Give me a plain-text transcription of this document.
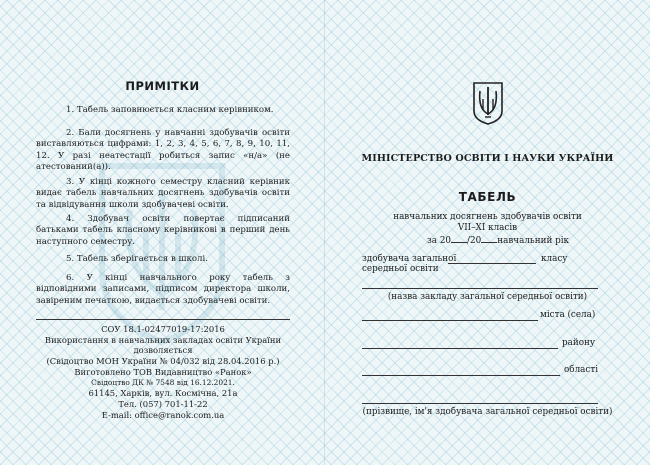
ПРИМІТКИ

1. Табель заповнюється класним керівником.

2. Бали досягнень у навчанні здобувачів освіти виставляються цифрами: 1, 2, 3, 4, 5, 6, 7, 8, 9, 10, 11, 12. У разі неатестації робиться запис «н/а» (не атестований(а)).

3. У кінці кожного семестру класний керівник видає табель навчальних досягнень здобувачів освіти та відвідування школи здобувачеві освіти.

4. Здобувач освіти повертає підписаний батьками табель класному керівникові в перший день наступного семестру.

5. Табель зберігається в школі.

6. У кінці навчального року табель з відповідними записами, підписом директора школи, завіреним печаткою, видається здобувачеві освіти.

СОУ 18.1-02477019-17:2016
Використання в навчальних закладах освіти України
дозволяється
(Свідоцтво МОН України № 04/032 від 28.04.2016 р.)
Виготовлено ТОВ Видавництво «Ранок»
Свідоцтво ДК № 7548 від 16.12.2021.
61145, Харків, вул. Космічна, 21а
Тел. (057) 701-11-22
E-mail: office@ranok.com.ua
МІНІСТЕРСТВО ОСВІТИ І НАУКИ УКРАЇНИ
ТАБЕЛЬ
навчальних досягнень здобувачів освіти
VII–XI класів
за 20 /20 навчальний рік
здобувача загальної	класу
середньої освіти
(назва закладу загальної середньої освіти)
міста (села)
району
області
(прізвище, ім'я здобувача загальної середньої освіти)
